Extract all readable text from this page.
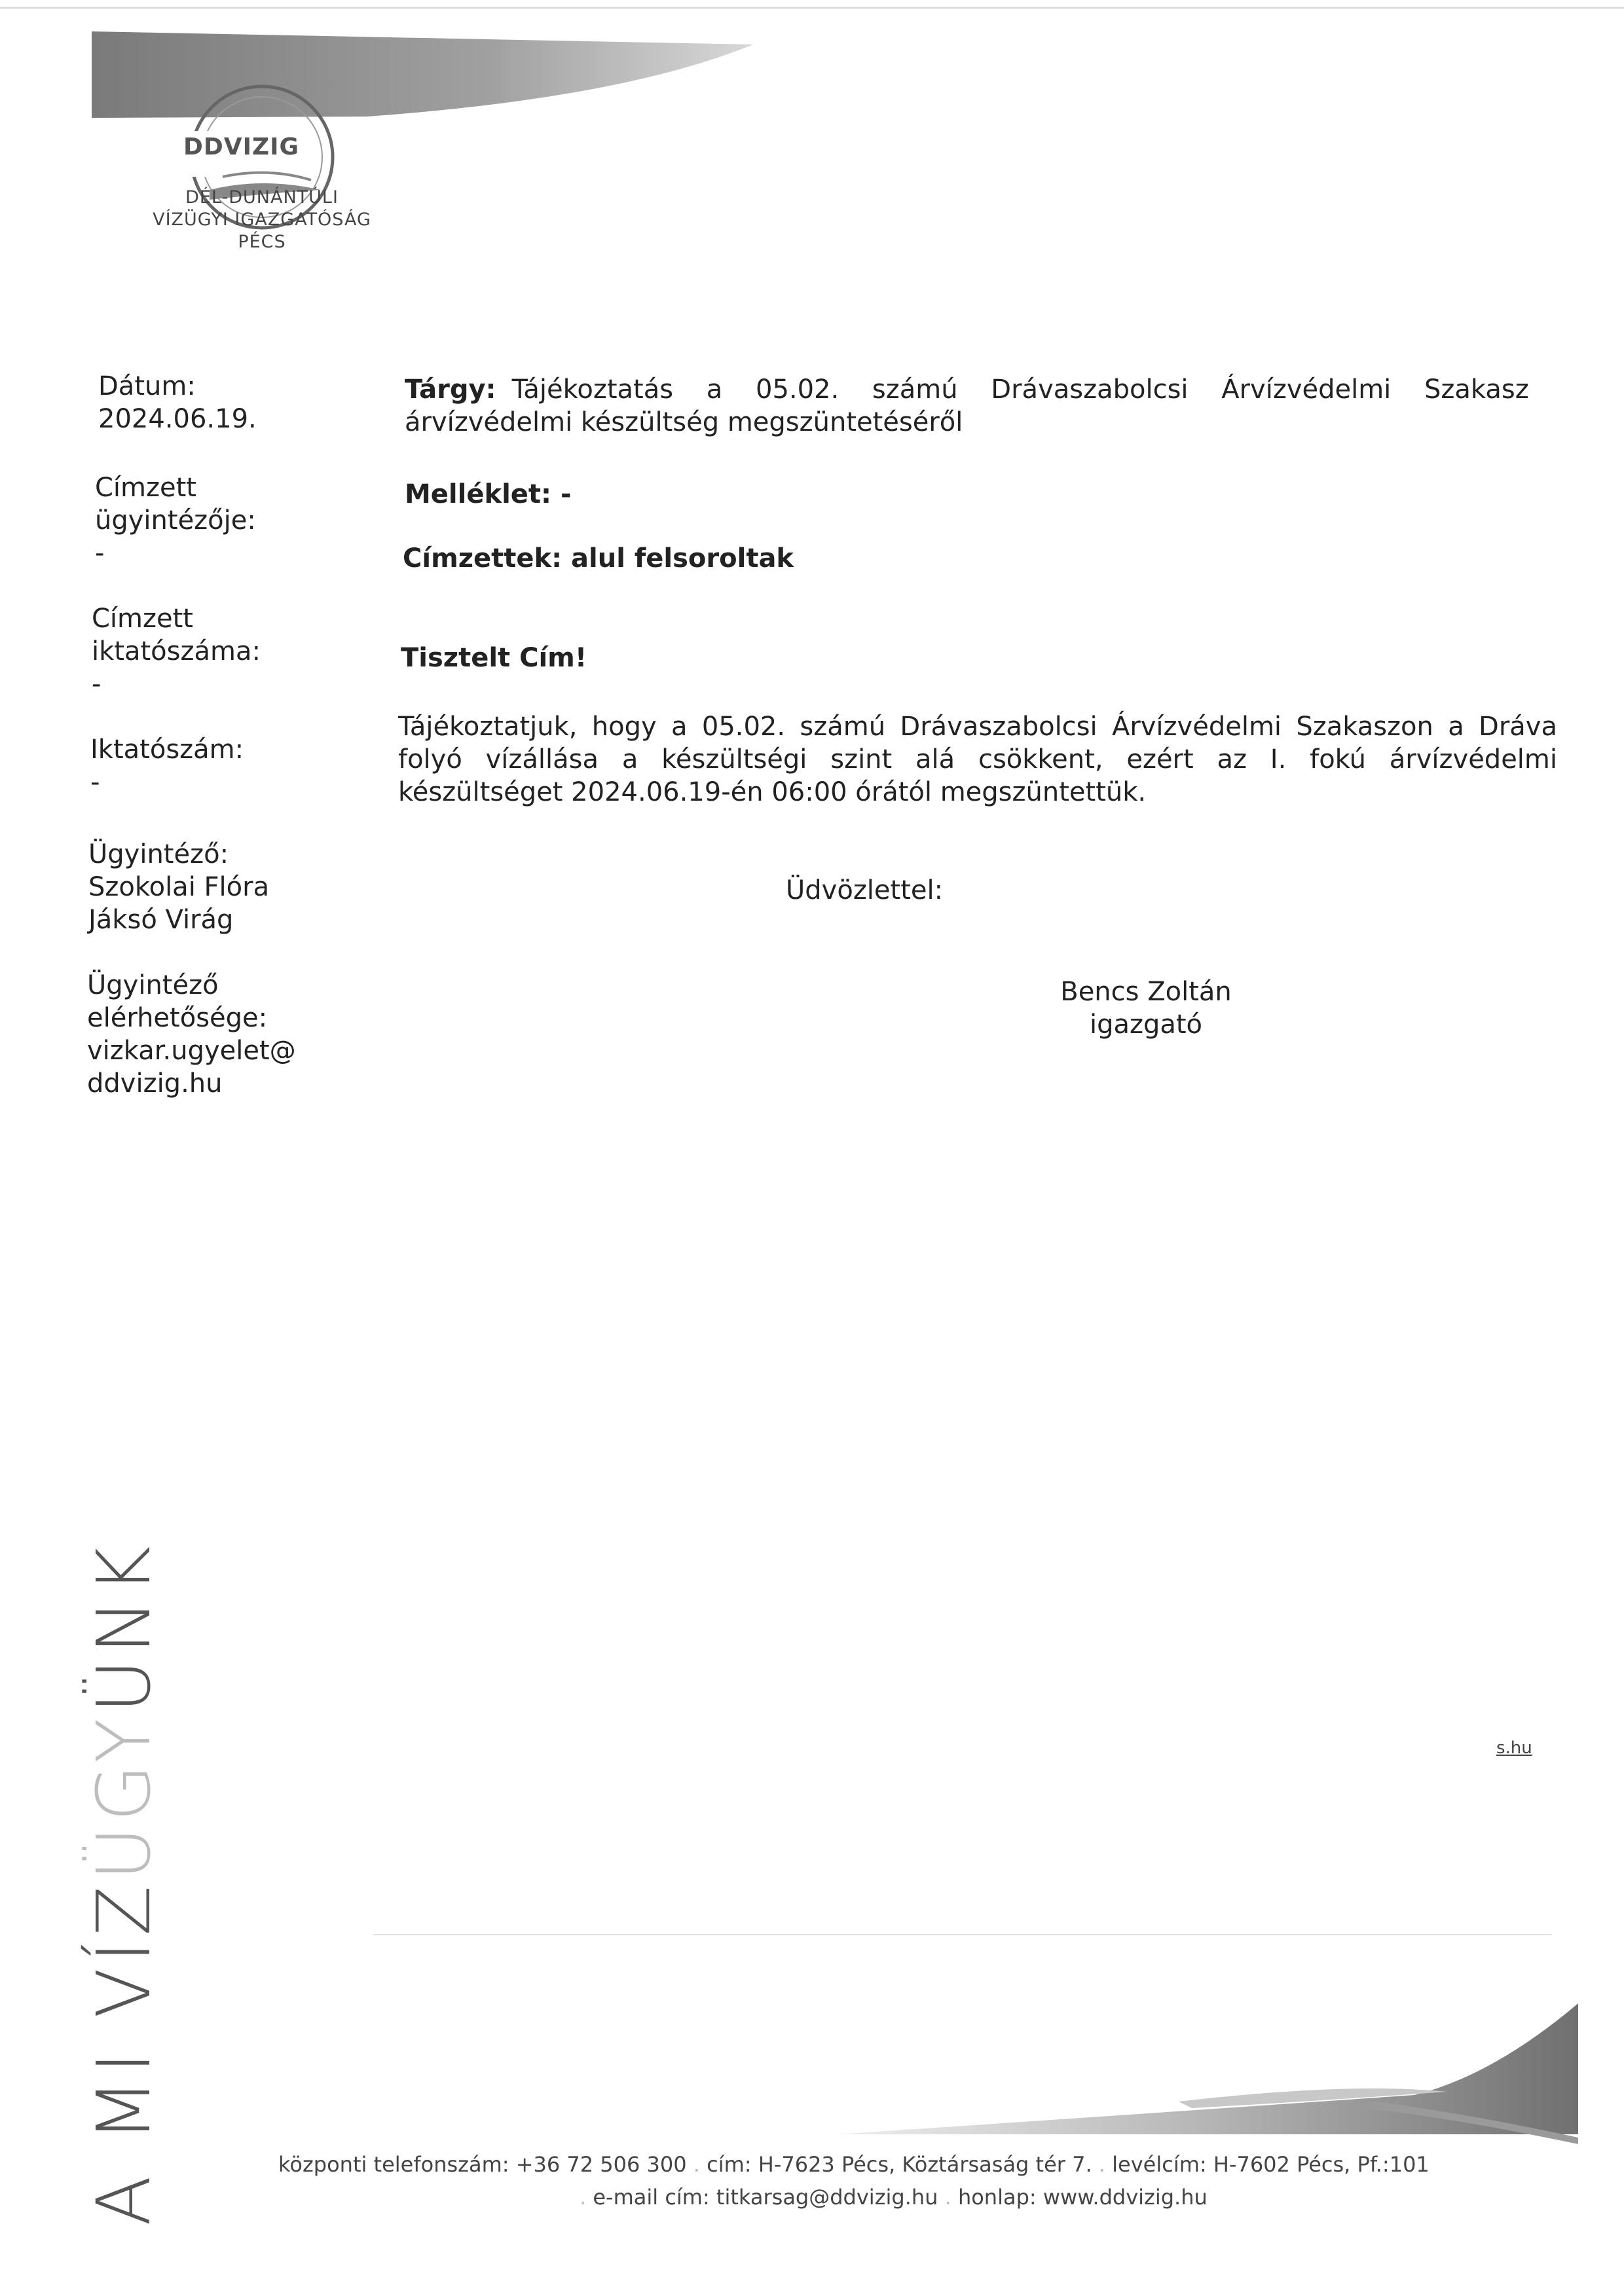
DDVIZIG
DÉL-DUNÁNTÚLI
VÍZÜGYI IGAZGATÓSÁG
PÉCS
Dátum:
2024.06.19.
Címzett
ügyintézője:
-
Címzett
iktatószáma:
-
Iktatószám:
-
Ügyintéző:
Szokolai Flóra
Jáksó Virág
Ügyintéző
elérhetősége:
vizkar.ugyelet@
ddvizig.hu
Tárgy: Tájékoztatás a 05.02. számú Drávaszabolcsi Árvízvédelmi Szakasz
árvízvédelmi készültség megszüntetéséről
Melléklet: -
Címzettek: alul felsoroltak
Tisztelt Cím!
Tájékoztatjuk, hogy a 05.02. számú Drávaszabolcsi Árvízvédelmi Szakaszon a Dráva
folyó vízállása a készültségi szint alá csökkent, ezért az I. fokú árvízvédelmi
készültséget 2024.06.19-én 06:00 órától megszüntettük.
Üdvözlettel:
Bencs Zoltán
igazgató
s.hu
A MI VÍZÜGYÜNK
központi telefonszám: +36 72 506 300 . cím: H-7623 Pécs, Köztársaság tér 7. . levélcím: H-7602 Pécs, Pf.:101
. e-mail cím: titkarsag@ddvizig.hu . honlap: www.ddvizig.hu
